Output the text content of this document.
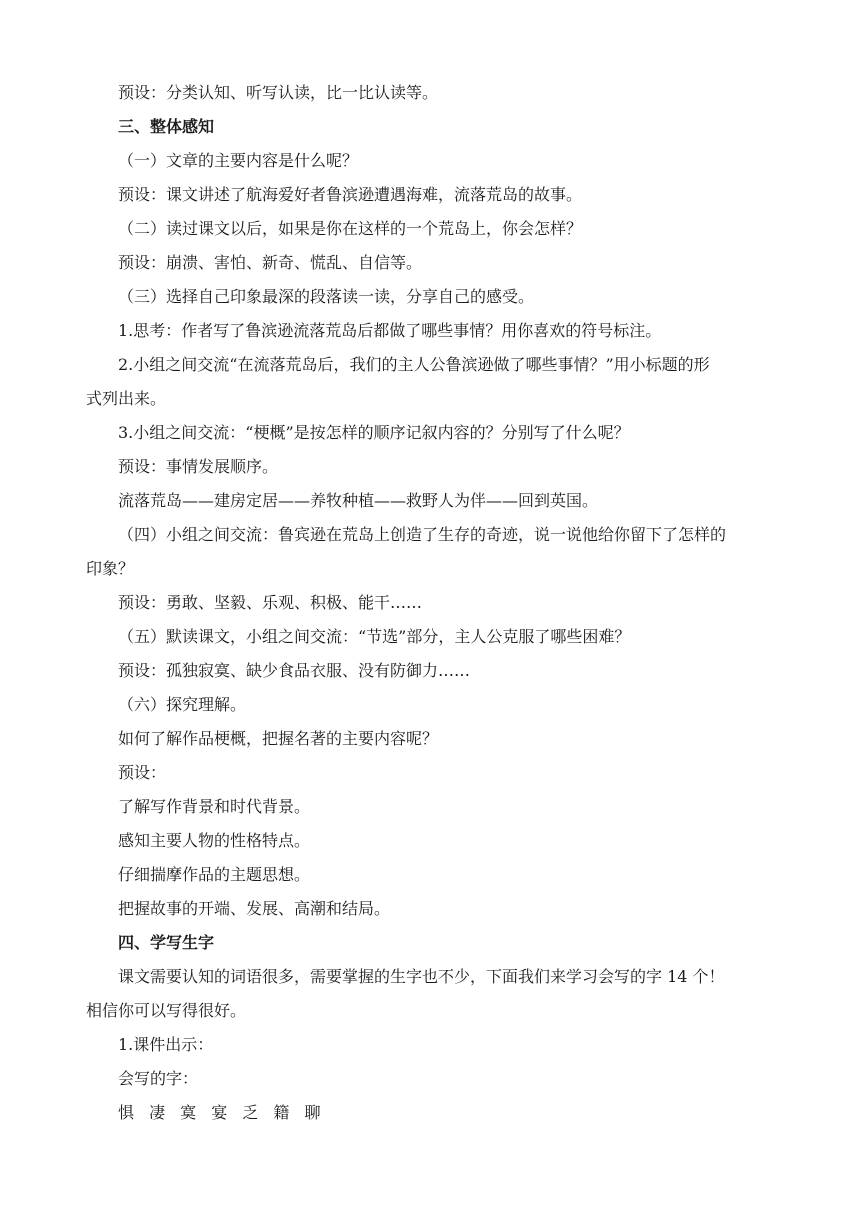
预设：分类认知、听写认读，比一比认读等。
三、整体感知
（一）文章的主要内容是什么呢？
预设：课文讲述了航海爱好者鲁滨逊遭遇海难，流落荒岛的故事。
（二）读过课文以后，如果是你在这样的一个荒岛上，你会怎样？
预设：崩溃、害怕、新奇、慌乱、自信等。
（三）选择自己印象最深的段落读一读，分享自己的感受。
1.思考：作者写了鲁滨逊流落荒岛后都做了哪些事情？用你喜欢的符号标注。
2.小组之间交流“在流落荒岛后，我们的主人公鲁滨逊做了哪些事情？”用小标题的形
式列出来。
3.小组之间交流：“梗概”是按怎样的顺序记叙内容的？分别写了什么呢？
预设：事情发展顺序。
流落荒岛——建房定居——养牧种植——救野人为伴——回到英国。
（四）小组之间交流：鲁宾逊在荒岛上创造了生存的奇迹，说一说他给你留下了怎样的
印象？
预设：勇敢、坚毅、乐观、积极、能干……
（五）默读课文，小组之间交流：“节选”部分，主人公克服了哪些困难？
预设：孤独寂寞、缺少食品衣服、没有防御力……
（六）探究理解。
如何了解作品梗概，把握名著的主要内容呢？
预设：
了解写作背景和时代背景。
感知主要人物的性格特点。
仔细揣摩作品的主题思想。
把握故事的开端、发展、高潮和结局。
四、学写生字
课文需要认知的词语很多，需要掌握的生字也不少，下面我们来学习会写的字 14 个！
相信你可以写得很好。
1.课件出示：
会写的字：
惧 凄 寞 宴 乏 籍 聊
